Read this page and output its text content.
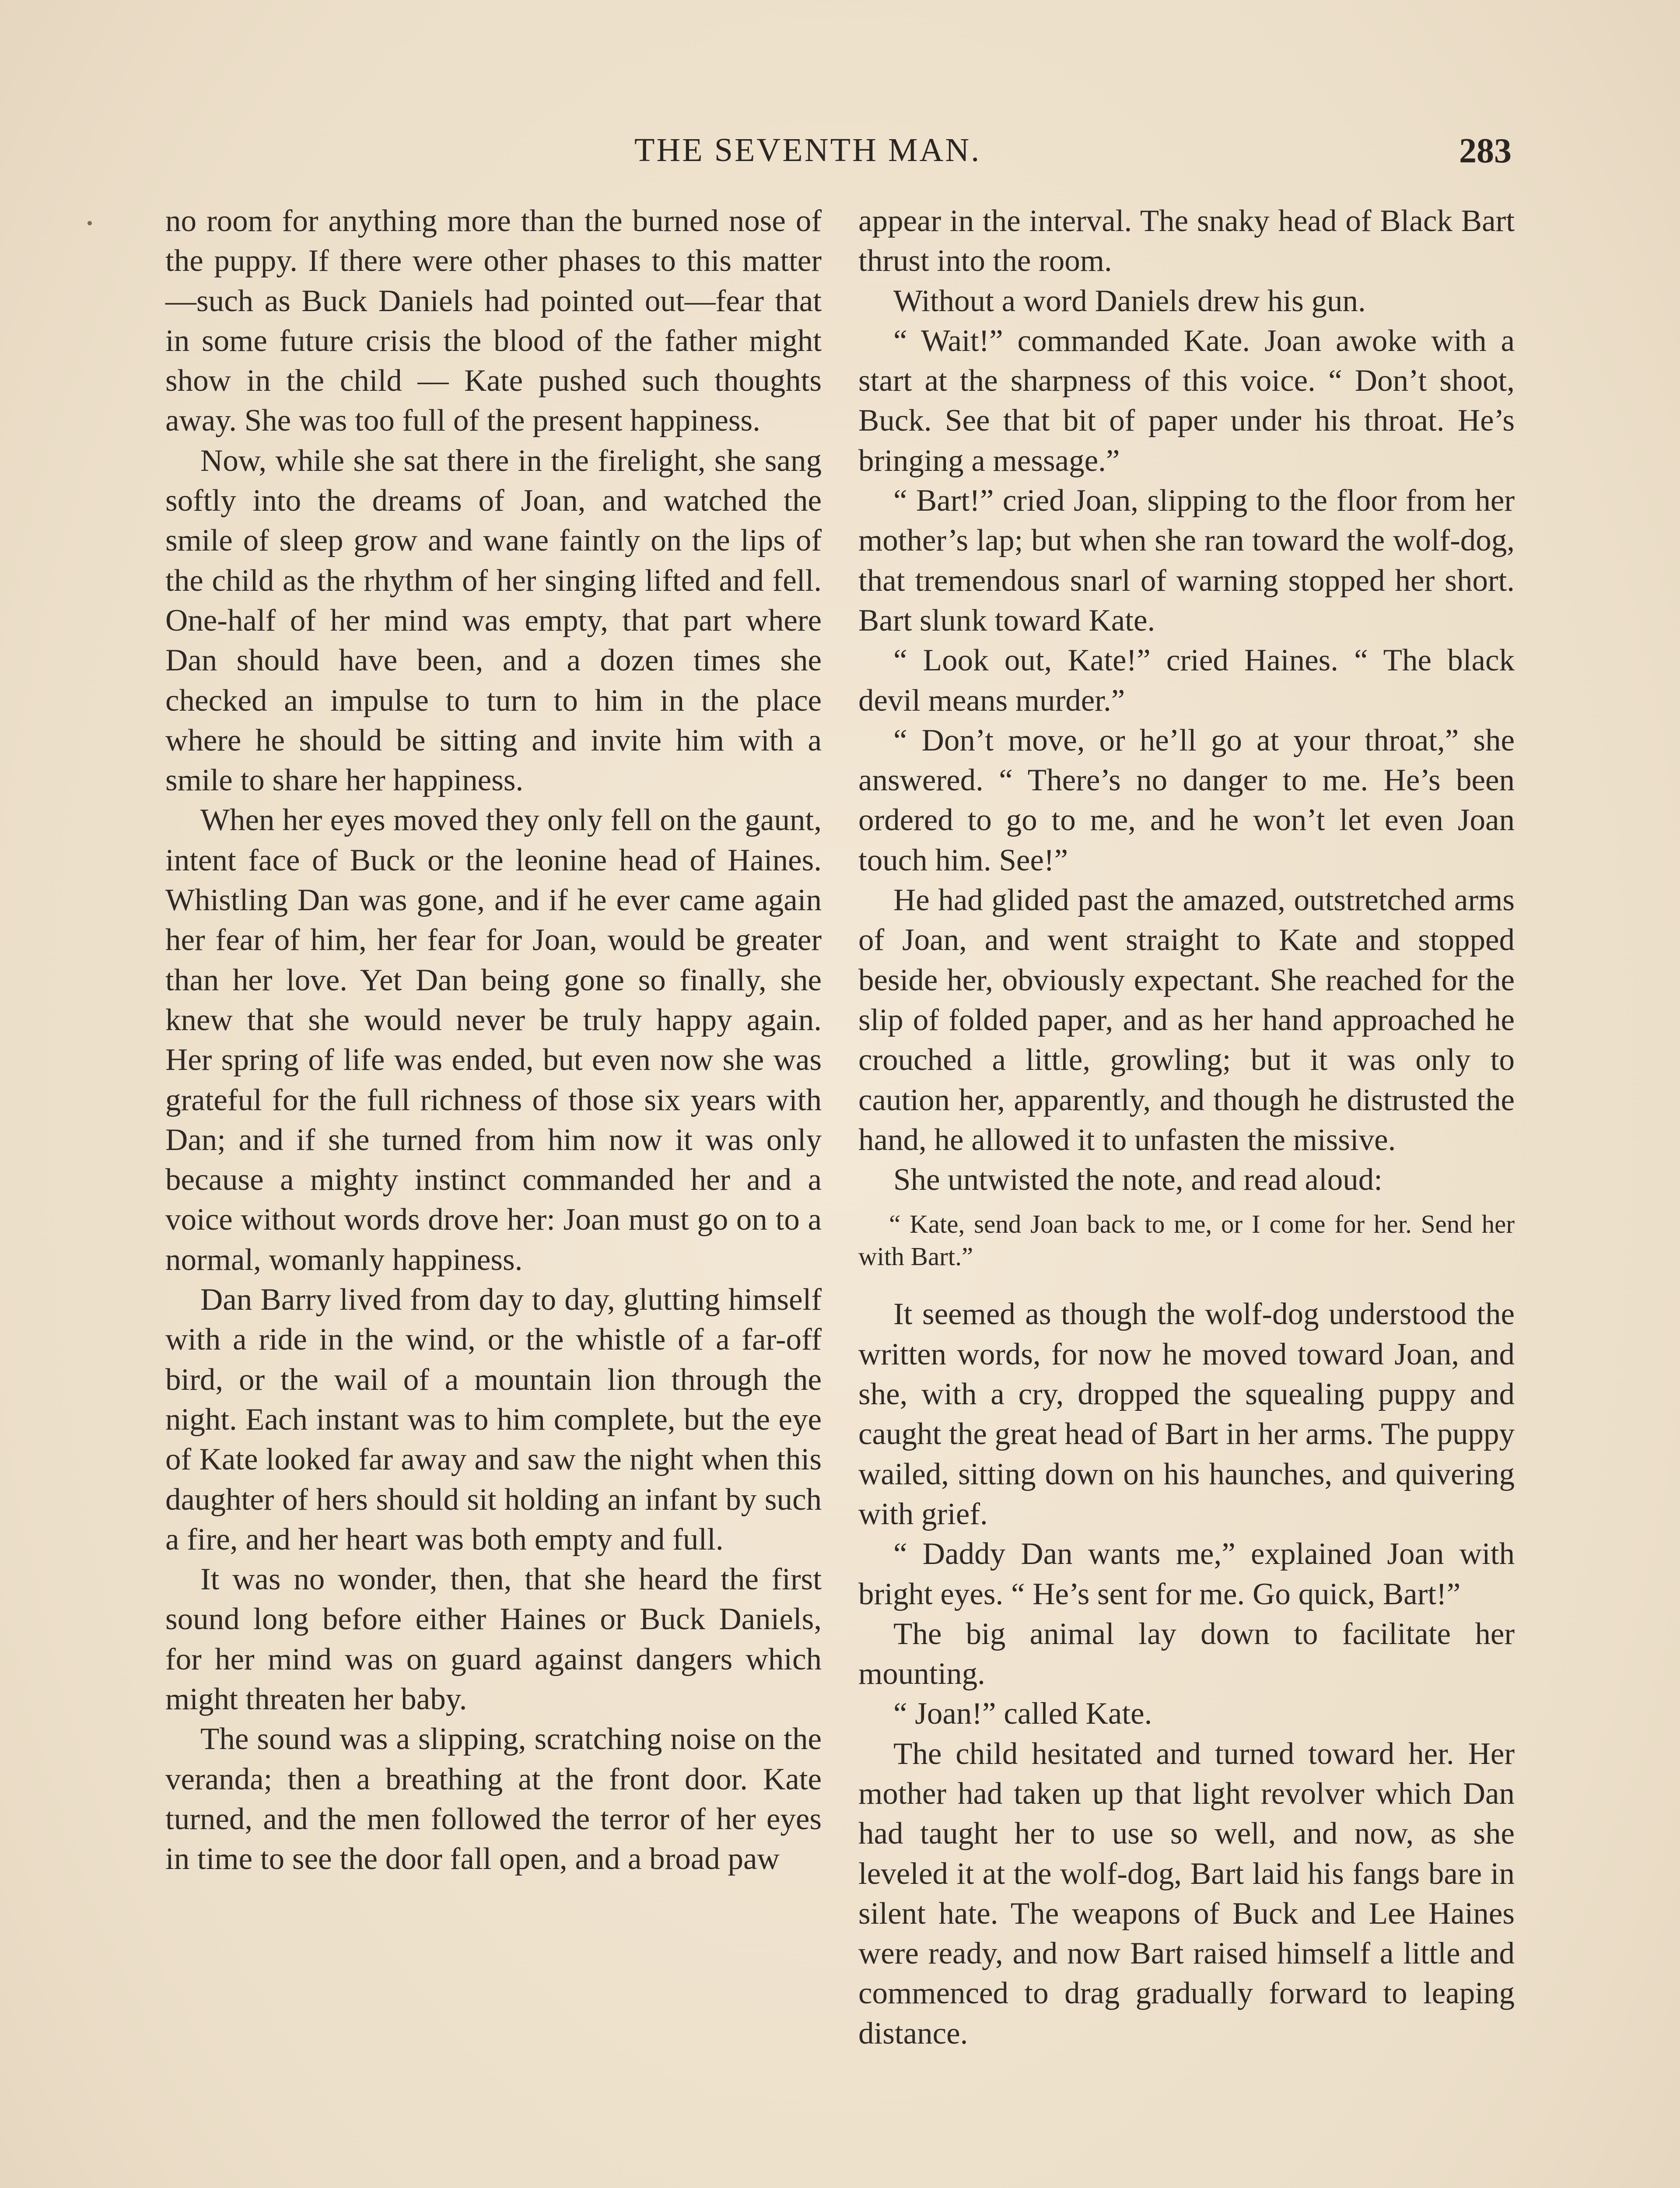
THE SEVENTH MAN.	283

no room for anything more than the burned nose of the puppy. If there were other phases to this matter—such as Buck Daniels had pointed out—fear that in some future crisis the blood of the father might show in the child — Kate pushed such thoughts away. She was too full of the present happiness.

Now, while she sat there in the firelight, she sang softly into the dreams of Joan, and watched the smile of sleep grow and wane faintly on the lips of the child as the rhythm of her singing lifted and fell. One-half of her mind was empty, that part where Dan should have been, and a dozen times she checked an impulse to turn to him in the place where he should be sitting and invite him with a smile to share her happiness.

When her eyes moved they only fell on the gaunt, intent face of Buck or the leonine head of Haines. Whistling Dan was gone, and if he ever came again her fear of him, her fear for Joan, would be greater than her love. Yet Dan being gone so finally, she knew that she would never be truly happy again. Her spring of life was ended, but even now she was grateful for the full richness of those six years with Dan; and if she turned from him now it was only because a mighty instinct commanded her and a voice without words drove her: Joan must go on to a normal, womanly happiness.

Dan Barry lived from day to day, glutting himself with a ride in the wind, or the whistle of a far-off bird, or the wail of a mountain lion through the night. Each instant was to him complete, but the eye of Kate looked far away and saw the night when this daughter of hers should sit holding an infant by such a fire, and her heart was both empty and full.

It was no wonder, then, that she heard the first sound long before either Haines or Buck Daniels, for her mind was on guard against dangers which might threaten her baby.

The sound was a slipping, scratching noise on the veranda; then a breathing at the front door. Kate turned, and the men followed the terror of her eyes in time to see the door fall open, and a broad paw

appear in the interval. The snaky head of Black Bart thrust into the room.

Without a word Daniels drew his gun.

“ Wait!” commanded Kate. Joan awoke with a start at the sharpness of this voice. “ Don’t shoot, Buck. See that bit of paper under his throat. He’s bringing a message.”

“ Bart!” cried Joan, slipping to the floor from her mother’s lap; but when she ran toward the wolf-dog, that tremendous snarl of warning stopped her short. Bart slunk toward Kate.

“ Look out, Kate!” cried Haines. “ The black devil means murder.”

“ Don’t move, or he’ll go at your throat,” she answered. “ There’s no danger to me. He’s been ordered to go to me, and he won’t let even Joan touch him. See!”

He had glided past the amazed, outstretched arms of Joan, and went straight to Kate and stopped beside her, obviously expectant. She reached for the slip of folded paper, and as her hand approached he crouched a little, growling; but it was only to caution her, apparently, and though he distrusted the hand, he allowed it to unfasten the missive.

She untwisted the note, and read aloud:

“ Kate, send Joan back to me, or I come for her. Send her with Bart.”

It seemed as though the wolf-dog understood the written words, for now he moved toward Joan, and she, with a cry, dropped the squealing puppy and caught the great head of Bart in her arms. The puppy wailed, sitting down on his haunches, and quivering with grief.

“ Daddy Dan wants me,” explained Joan with bright eyes. “ He’s sent for me. Go quick, Bart!”

The big animal lay down to facilitate her mounting.

“ Joan!” called Kate.

The child hesitated and turned toward her. Her mother had taken up that light revolver which Dan had taught her to use so well, and now, as she leveled it at the wolf-dog, Bart laid his fangs bare in silent hate. The weapons of Buck and Lee Haines were ready, and now Bart raised himself a little and commenced to drag gradually forward to leaping distance.
